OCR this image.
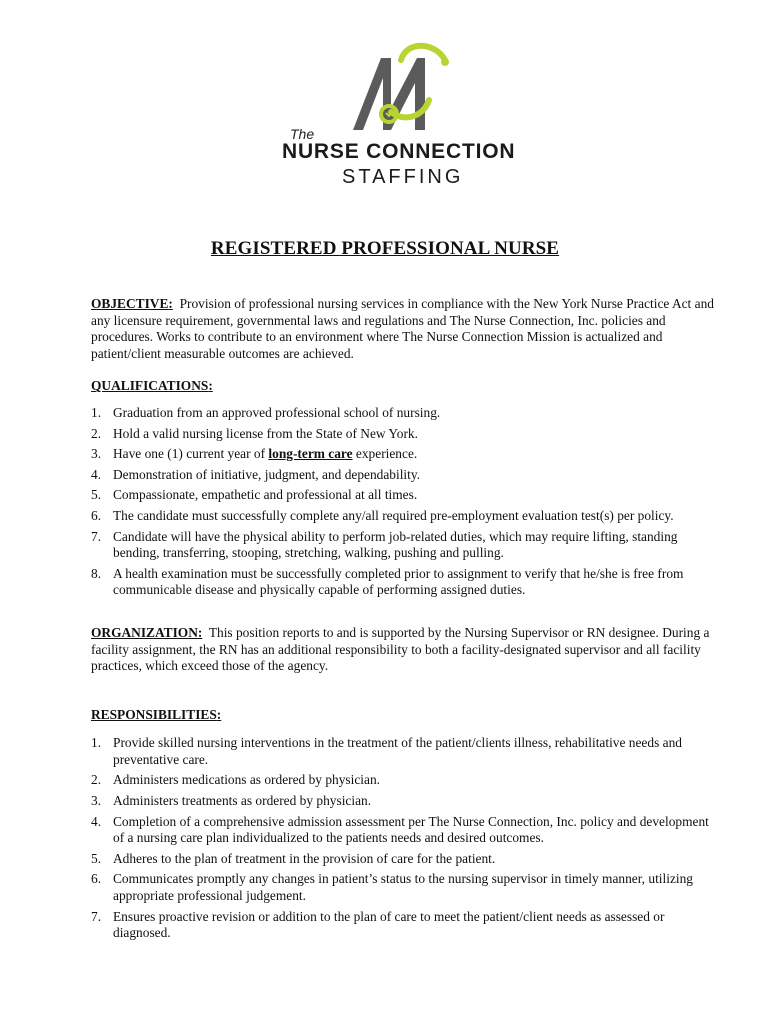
The
NURSE CONNECTION
STAFFING
REGISTERED PROFESSIONAL NURSE

OBJECTIVE: Provision of professional nursing services in compliance with the New York Nurse Practice Act and any licensure requirement, governmental laws and regulations and The Nurse Connection, Inc. policies and procedures. Works to contribute to an environment where The Nurse Connection Mission is actualized and patient/client measurable outcomes are achieved.

QUALIFICATIONS:

1. Graduation from an approved professional school of nursing.
2. Hold a valid nursing license from the State of New York.
3. Have one (1) current year of long-term care experience.
4. Demonstration of initiative, judgment, and dependability.
5. Compassionate, empathetic and professional at all times.
6. The candidate must successfully complete any/all required pre-employment evaluation test(s) per policy.
7. Candidate will have the physical ability to perform job-related duties, which may require lifting, standing bending, transferring, stooping, stretching, walking, pushing and pulling.
8. A health examination must be successfully completed prior to assignment to verify that he/she is free from communicable disease and physically capable of performing assigned duties.

ORGANIZATION: This position reports to and is supported by the Nursing Supervisor or RN designee. During a facility assignment, the RN has an additional responsibility to both a facility-designated supervisor and all facility practices, which exceed those of the agency.

RESPONSIBILITIES:

1. Provide skilled nursing interventions in the treatment of the patient/clients illness, rehabilitative needs and preventative care.
2. Administers medications as ordered by physician.
3. Administers treatments as ordered by physician.
4. Completion of a comprehensive admission assessment per The Nurse Connection, Inc. policy and development of a nursing care plan individualized to the patients needs and desired outcomes.
5. Adheres to the plan of treatment in the provision of care for the patient.
6. Communicates promptly any changes in patient’s status to the nursing supervisor in timely manner, utilizing appropriate professional judgement.
7. Ensures proactive revision or addition to the plan of care to meet the patient/client needs as assessed or diagnosed.
